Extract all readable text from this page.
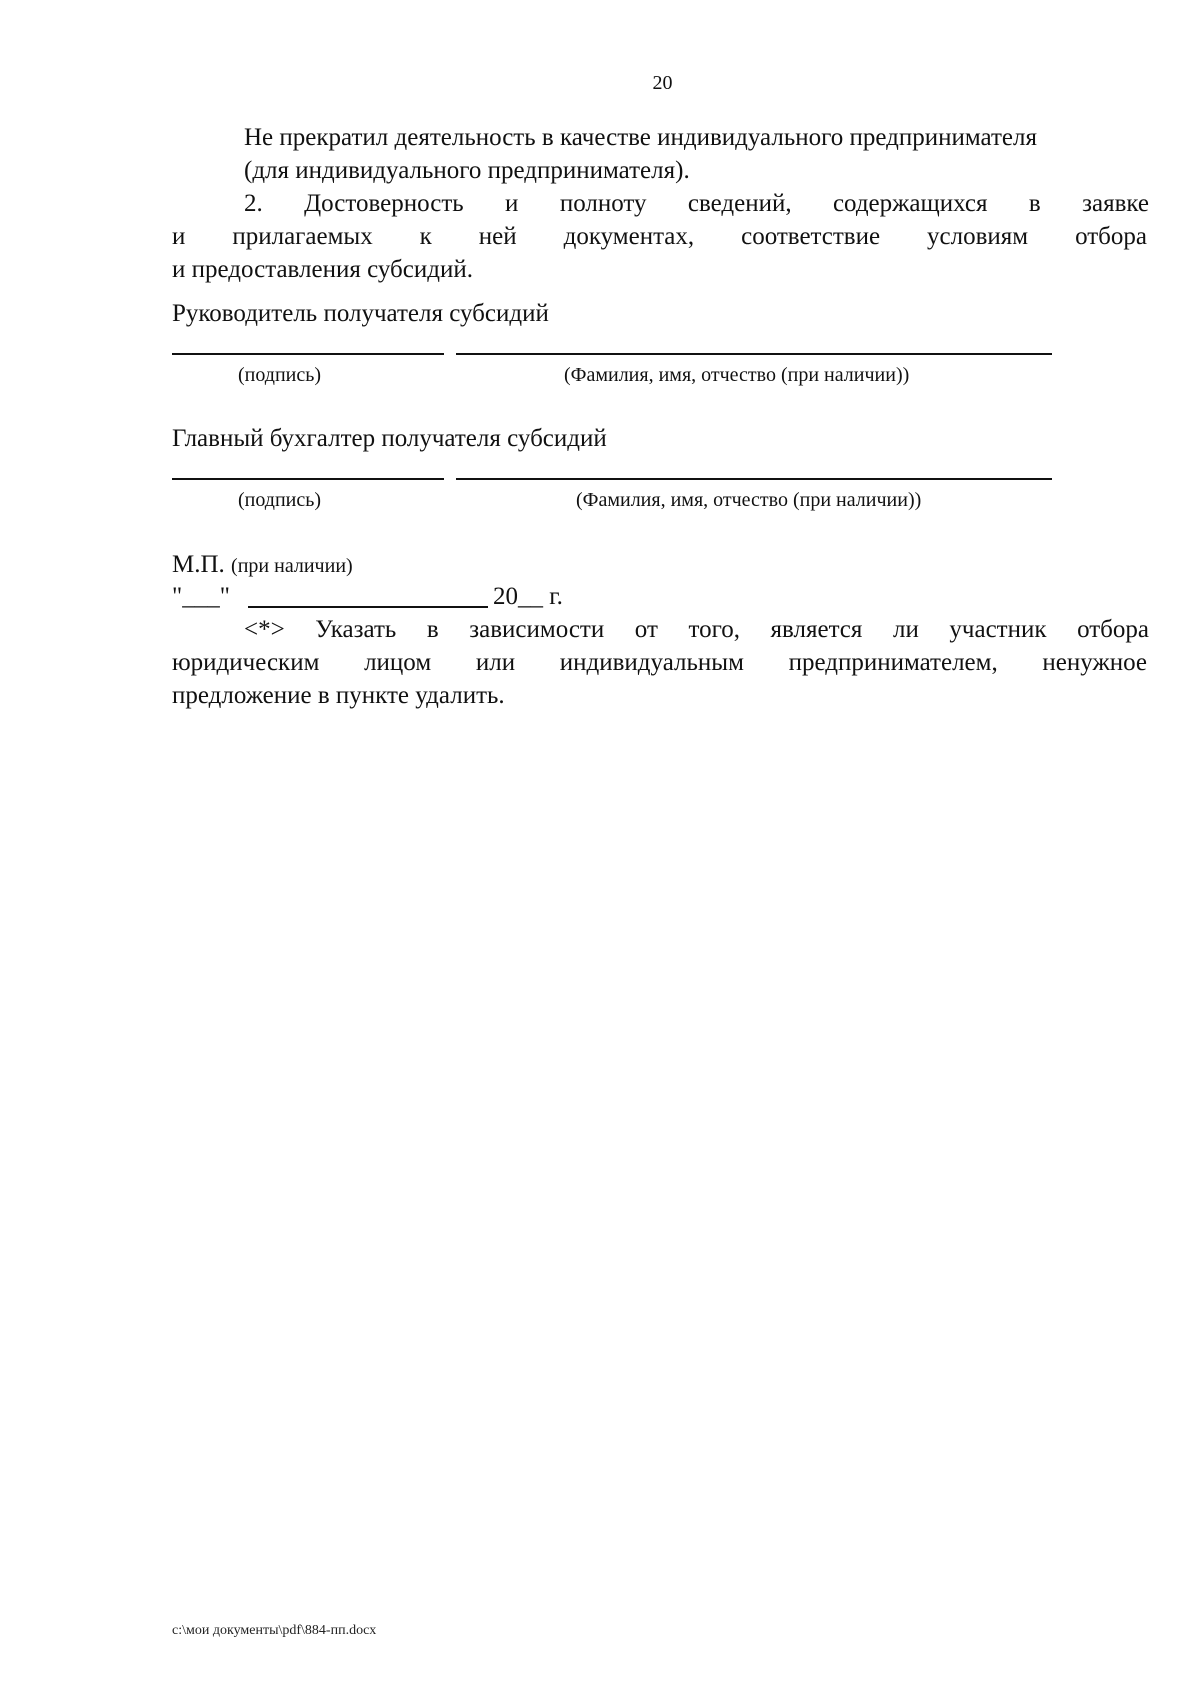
20
Не прекратил деятельность в качестве индивидуального предпринимателя
(для индивидуального предпринимателя).
2. Достоверность и полноту сведений, содержащихся в заявке
и прилагаемых к ней документах, соответствие условиям отбора
и предоставления субсидий.
Руководитель получателя субсидий
(подпись)	(Фамилия, имя, отчество (при наличии))
Главный бухгалтер получателя субсидий
(подпись)	(Фамилия, имя, отчество (при наличии))
М.П. (при наличии)
"___"	20__ г.
<*> Указать в зависимости от того, является ли участник отбора
юридическим лицом или индивидуальным предпринимателем, ненужное
предложение в пункте удалить.
c:\мои документы\pdf\884-пп.docx
